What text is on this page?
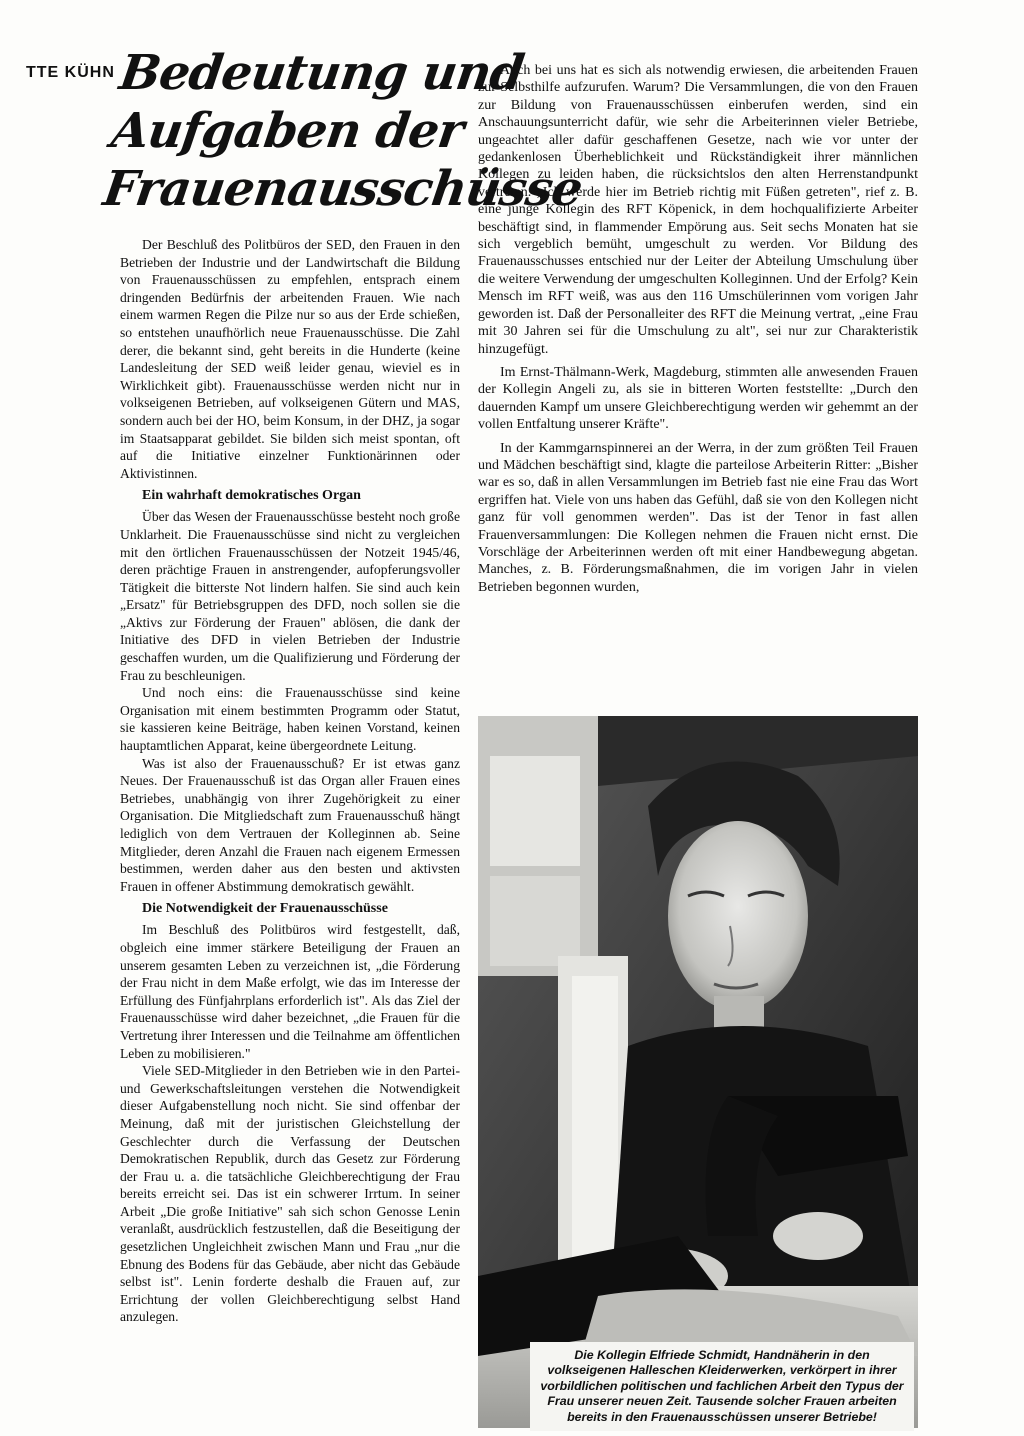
TTE KÜHN Bedeutung und
Aufgaben der
Frauenausschüsse

Der Beschluß des Politbüros der SED, den Frauen in den Betrieben der Industrie und der Landwirtschaft die Bildung von Frauenausschüssen zu empfehlen, entsprach einem dringenden Bedürfnis der arbeitenden Frauen. Wie nach einem warmen Regen die Pilze nur so aus der Erde schießen, so entstehen unaufhörlich neue Frauenausschüsse. Die Zahl derer, die bekannt sind, geht bereits in die Hunderte (keine Landesleitung der SED weiß leider genau, wieviel es in Wirklichkeit gibt). Frauenausschüsse werden nicht nur in volkseigenen Betrieben, auf volkseigenen Gütern und MAS, sondern auch bei der HO, beim Konsum, in der DHZ, ja sogar im Staatsapparat gebildet. Sie bilden sich meist spontan, oft auf die Initiative einzelner Funktionärinnen oder Aktivistinnen.

Ein wahrhaft demokratisches Organ

Über das Wesen der Frauenausschüsse besteht noch große Unklarheit. Die Frauenausschüsse sind nicht zu vergleichen mit den örtlichen Frauenausschüssen der Notzeit 1945/46, deren prächtige Frauen in anstrengender, aufopferungsvoller Tätigkeit die bitterste Not lindern halfen. Sie sind auch kein „Ersatz" für Betriebsgruppen des DFD, noch sollen sie die „Aktivs zur Förderung der Frauen" ablösen, die dank der Initiative des DFD in vielen Betrieben der Industrie geschaffen wurden, um die Qualifizierung und Förderung der Frau zu beschleunigen.

Und noch eins: die Frauenausschüsse sind keine Organisation mit einem bestimmten Programm oder Statut, sie kassieren keine Beiträge, haben keinen Vorstand, keinen hauptamtlichen Apparat, keine übergeordnete Leitung.

Was ist also der Frauenausschuß? Er ist etwas ganz Neues. Der Frauenausschuß ist das Organ aller Frauen eines Betriebes, unabhängig von ihrer Zugehörigkeit zu einer Organisation. Die Mitgliedschaft zum Frauenausschuß hängt lediglich von dem Vertrauen der Kolleginnen ab. Seine Mitglieder, deren Anzahl die Frauen nach eigenem Ermessen bestimmen, werden daher aus den besten und aktivsten Frauen in offener Abstimmung demokratisch gewählt.

Die Notwendigkeit der Frauenausschüsse

Im Beschluß des Politbüros wird festgestellt, daß, obgleich eine immer stärkere Beteiligung der Frauen an unserem gesamten Leben zu verzeichnen ist, „die Förderung der Frau nicht in dem Maße erfolgt, wie das im Interesse der Erfüllung des Fünfjahrplans erforderlich ist". Als das Ziel der Frauenausschüsse wird daher bezeichnet, „die Frauen für die Vertretung ihrer Interessen und die Teilnahme am öffentlichen Leben zu mobilisieren."

Viele SED-Mitglieder in den Betrieben wie in den Partei- und Gewerkschaftsleitungen verstehen die Notwendigkeit dieser Aufgabenstellung noch nicht. Sie sind offenbar der Meinung, daß mit der juristischen Gleichstellung der Geschlechter durch die Verfassung der Deutschen Demokratischen Republik, durch das Gesetz zur Förderung der Frau u. a. die tatsächliche Gleichberechtigung der Frau bereits erreicht sei. Das ist ein schwerer Irrtum. In seiner Arbeit „Die große Initiative" sah sich schon Genosse Lenin veranlaßt, ausdrücklich festzustellen, daß die Beseitigung der gesetzlichen Ungleichheit zwischen Mann und Frau „nur die Ebnung des Bodens für das Gebäude, aber nicht das Gebäude selbst ist". Lenin forderte deshalb die Frauen auf, zur Errichtung der vollen Gleichberechtigung selbst Hand anzulegen.

Auch bei uns hat es sich als notwendig erwiesen, die arbeitenden Frauen zur Selbsthilfe aufzurufen. Warum? Die Versammlungen, die von den Frauen zur Bildung von Frauenausschüssen einberufen werden, sind ein Anschauungsunterricht dafür, wie sehr die Arbeiterinnen vieler Betriebe, ungeachtet aller dafür geschaffenen Gesetze, nach wie vor unter der gedankenlosen Überheblichkeit und Rückständigkeit ihrer männlichen Kollegen zu leiden haben, die rücksichtslos den alten Herrenstandpunkt vertreten. „Ich werde hier im Betrieb richtig mit Füßen getreten", rief z. B. eine junge Kollegin des RFT Köpenick, in dem hochqualifizierte Arbeiter beschäftigt sind, in flammender Empörung aus. Seit sechs Monaten hat sie sich vergeblich bemüht, umgeschult zu werden. Vor Bildung des Frauenausschusses entschied nur der Leiter der Abteilung Umschulung über die weitere Verwendung der umgeschulten Kolleginnen. Und der Erfolg? Kein Mensch im RFT weiß, was aus den 116 Umschülerinnen vom vorigen Jahr geworden ist. Daß der Personalleiter des RFT die Meinung vertrat, „eine Frau mit 30 Jahren sei für die Umschulung zu alt", sei nur zur Charakteristik hinzugefügt.

Im Ernst-Thälmann-Werk, Magdeburg, stimmten alle anwesenden Frauen der Kollegin Angeli zu, als sie in bitteren Worten feststellte: „Durch den dauernden Kampf um unsere Gleichberechtigung werden wir gehemmt an der vollen Entfaltung unserer Kräfte".

In der Kammgarnspinnerei an der Werra, in der zum größten Teil Frauen und Mädchen beschäftigt sind, klagte die parteilose Arbeiterin Ritter: „Bisher war es so, daß in allen Versammlungen im Betrieb fast nie eine Frau das Wort ergriffen hat. Viele von uns haben das Gefühl, daß sie von den Kollegen nicht ganz für voll genommen werden". Das ist der Tenor in fast allen Frauenversammlungen: Die Kollegen nehmen die Frauen nicht ernst. Die Vorschläge der Arbeiterinnen werden oft mit einer Handbewegung abgetan. Manches, z. B. Förderungsmaßnahmen, die im vorigen Jahr in vielen Betrieben begonnen wurden,

Die Kollegin Elfriede Schmidt, Handnäherin in den volkseigenen Halleschen Kleiderwerken, verkörpert in ihrer vorbildlichen politischen und fachlichen Arbeit den Typus der Frau unserer neuen Zeit. Tausende solcher Frauen arbeiten bereits in den Frauenausschüssen unserer Betriebe!
